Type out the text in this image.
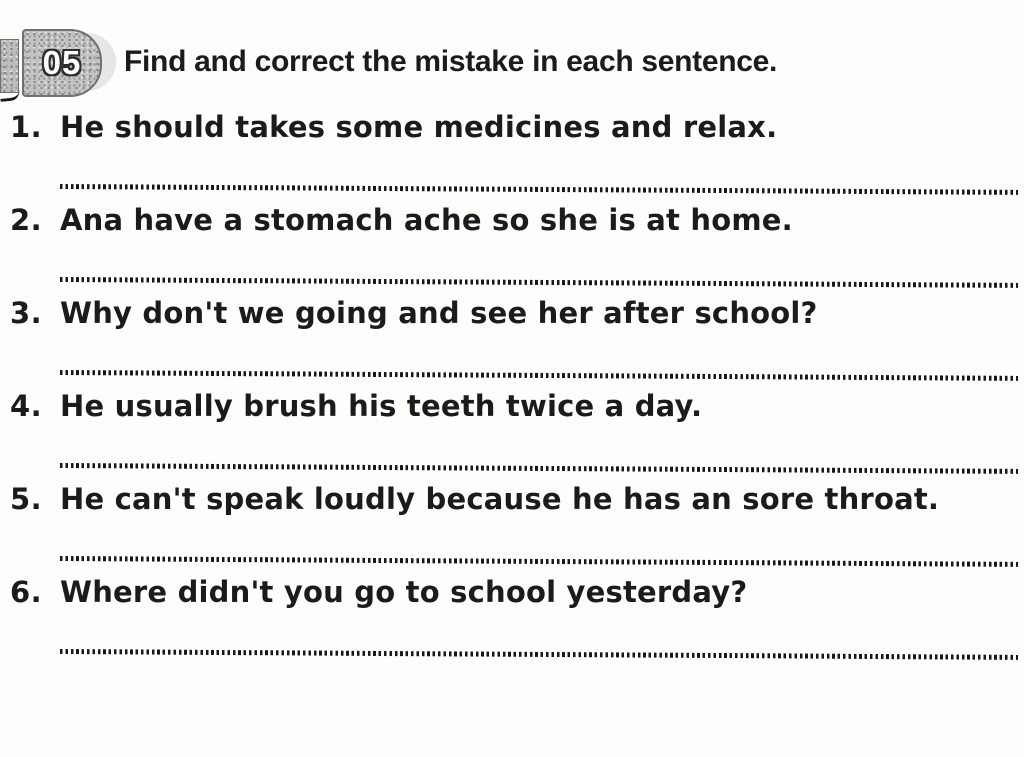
05 Find and correct the mistake in each sentence.
1. He should takes some medicines and relax.
2. Ana have a stomach ache so she is at home.
3. Why don't we going and see her after school?
4. He usually brush his teeth twice a day.
5. He can't speak loudly because he has an sore throat.
6. Where didn't you go to school yesterday?
